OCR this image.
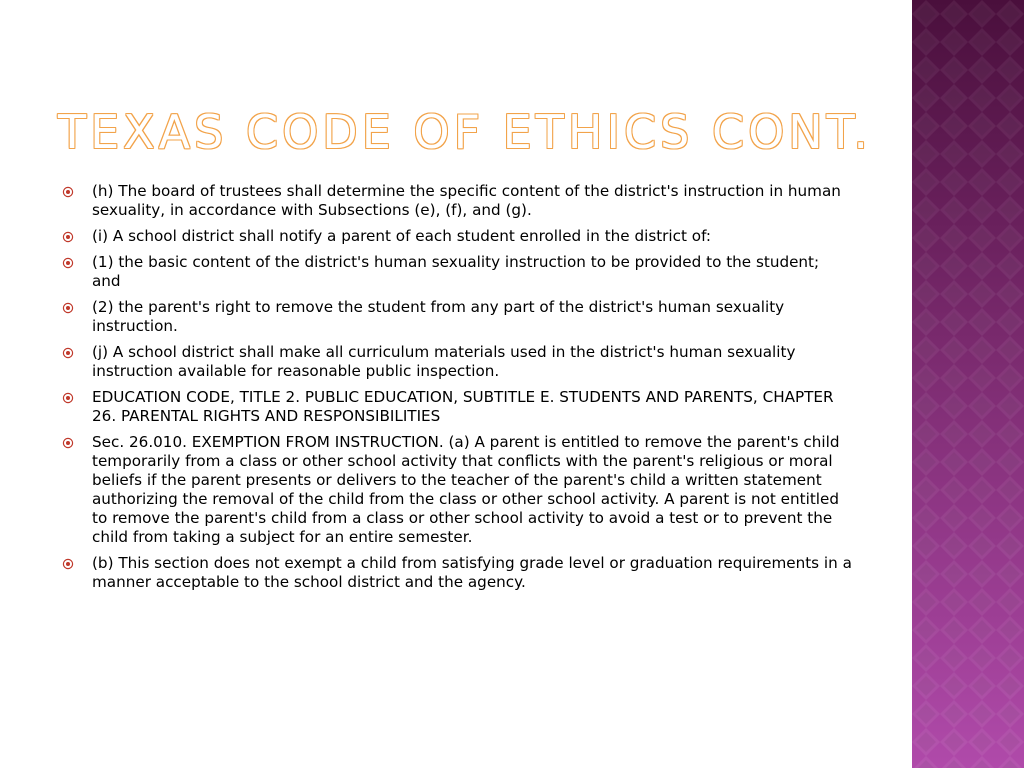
TEXAS CODE OF ETHICS CONT.
(h) The board of trustees shall determine the specific content of the district's instruction in human sexuality, in accordance with Subsections (e), (f), and (g).
(i) A school district shall notify a parent of each student enrolled in the district of:
(1) the basic content of the district's human sexuality instruction to be provided to the student; and
(2) the parent's right to remove the student from any part of the district's human sexuality instruction.
(j) A school district shall make all curriculum materials used in the district's human sexuality instruction available for reasonable public inspection.
EDUCATION CODE, TITLE 2. PUBLIC EDUCATION, SUBTITLE E. STUDENTS AND PARENTS, CHAPTER 26. PARENTAL RIGHTS AND RESPONSIBILITIES
Sec. 26.010. EXEMPTION FROM INSTRUCTION. (a) A parent is entitled to remove the parent's child temporarily from a class or other school activity that conflicts with the parent's religious or moral beliefs if the parent presents or delivers to the teacher of the parent's child a written statement authorizing the removal of the child from the class or other school activity. A parent is not entitled to remove the parent's child from a class or other school activity to avoid a test or to prevent the child from taking a subject for an entire semester.
(b) This section does not exempt a child from satisfying grade level or graduation requirements in a manner acceptable to the school district and the agency.
